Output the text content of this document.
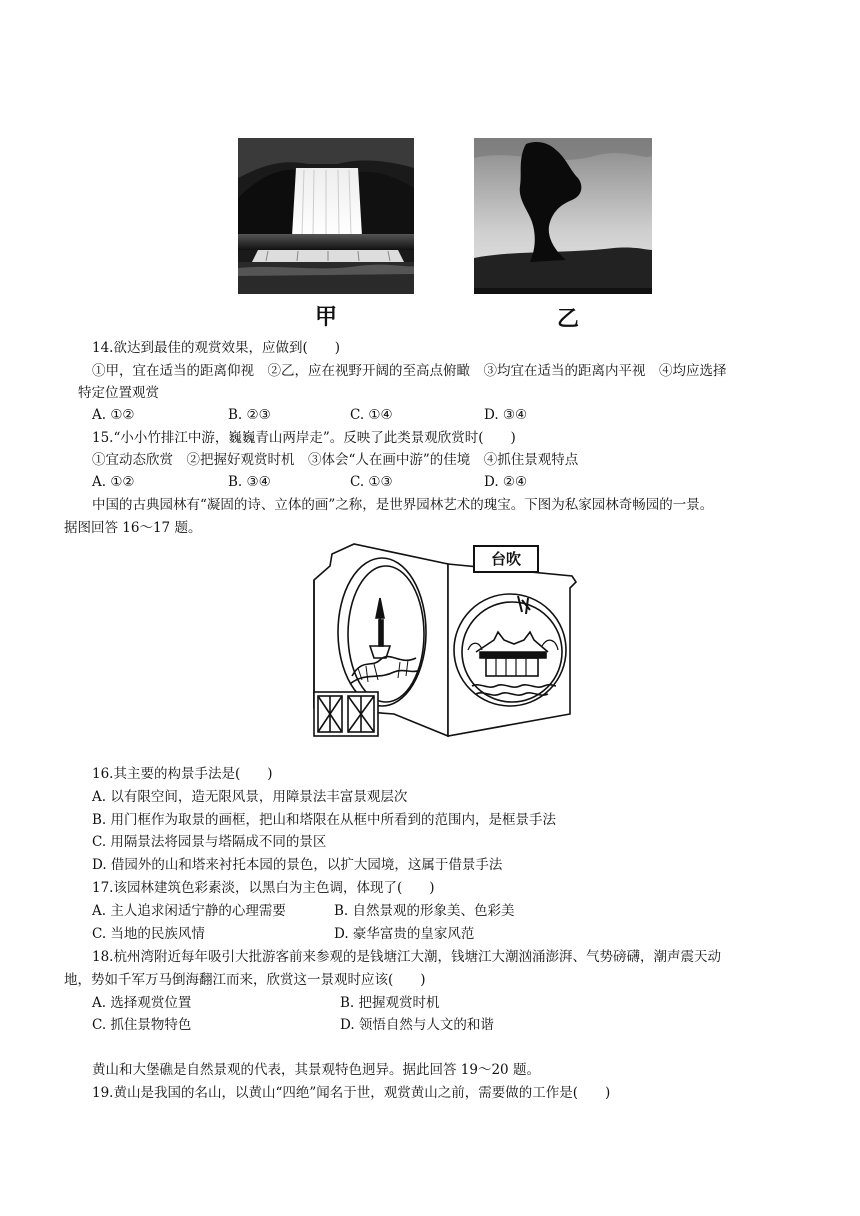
甲	乙
14.欲达到最佳的观赏效果，应做到(　　)
①甲，宜在适当的距离仰视　②乙，应在视野开阔的至高点俯瞰　③均宜在适当的距离内平视　④均应选择
特定位置观赏
A. ①②	B. ②③	C. ①④	D. ③④
15.“小小竹排江中游，巍巍青山两岸走”。反映了此类景观欣赏时(　　)
①宜动态欣赏　②把握好观赏时机　③体会“人在画中游”的佳境　④抓住景观特点
A. ①②	B. ③④	C. ①③	D. ②④
中国的古典园林有“凝固的诗、立体的画”之称，是世界园林艺术的瑰宝。下图为私家园林奇畅园的一景。
据图回答 16～17 题。
台吹
16.其主要的构景手法是(　　)
A. 以有限空间，造无限风景，用障景法丰富景观层次
B. 用门框作为取景的画框，把山和塔限在从框中所看到的范围内，是框景手法
C. 用隔景法将园景与塔隔成不同的景区
D. 借园外的山和塔来衬托本园的景色，以扩大园境，这属于借景手法
17.该园林建筑色彩素淡，以黑白为主色调，体现了(　　)
A. 主人追求闲适宁静的心理需要	B. 自然景观的形象美、色彩美
C. 当地的民族风情	D. 豪华富贵的皇家风范
18.杭州湾附近每年吸引大批游客前来参观的是钱塘江大潮，钱塘江大潮汹涌澎湃、气势磅礴，潮声震天动
地，势如千军万马倒海翻江而来，欣赏这一景观时应该(　　)
A. 选择观赏位置	B. 把握观赏时机
C. 抓住景物特色	D. 领悟自然与人文的和谐
黄山和大堡礁是自然景观的代表，其景观特色迥异。据此回答 19～20 题。
19.黄山是我国的名山，以黄山“四绝”闻名于世，观赏黄山之前，需要做的工作是(　　)
